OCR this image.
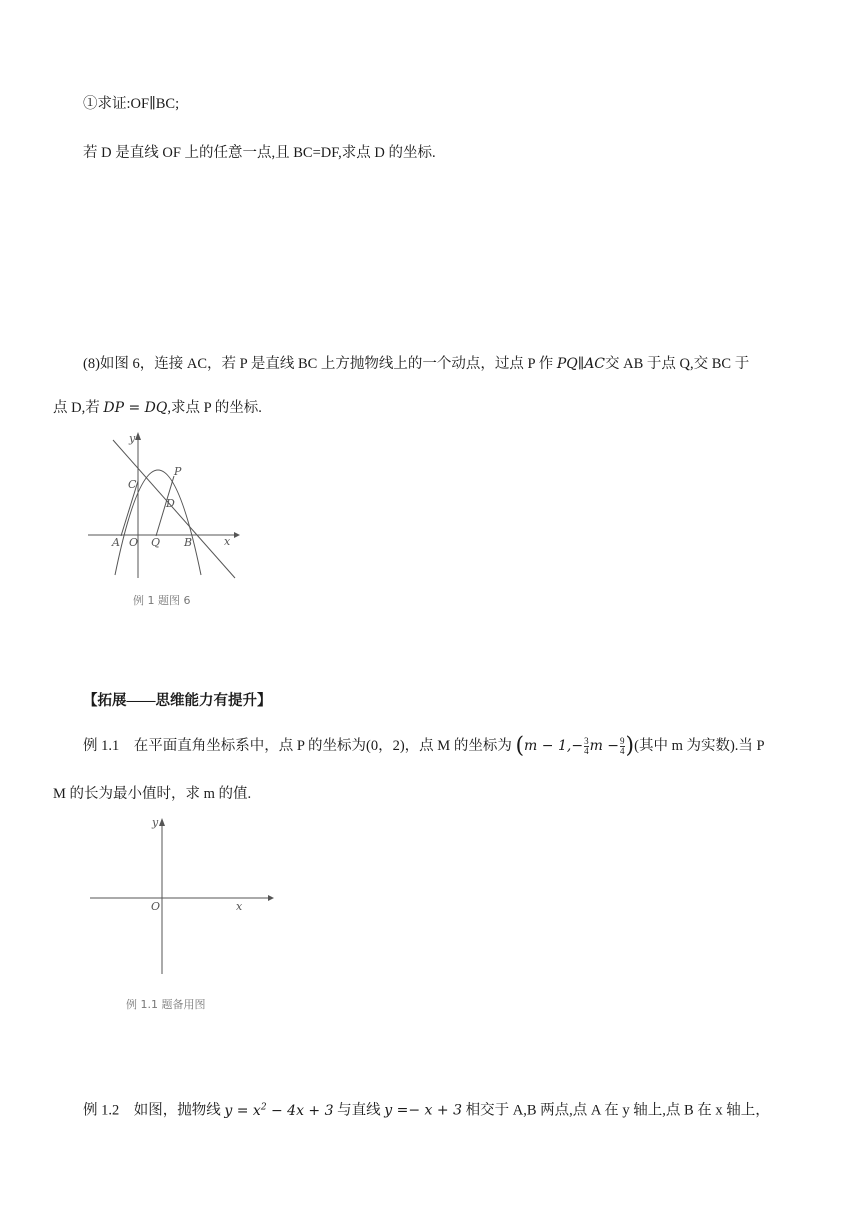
①求证:OF∥BC;
若 D 是直线 OF 上的任意一点,且 BC=DF,求点 D 的坐标.
(8)如图 6，连接 AC，若 P 是直线 BC 上方抛物线上的一个动点，过点 P 作 PQ∥AC交 AB 于点 Q,交 BC 于
点 D,若 DP = DQ,求点 P 的坐标.
y
x
C
P
D
A O Q B
例 1 题图 6
【拓展——思维能力有提升】
例 1.1 在平面直角坐标系中，点 P 的坐标为(0，2)，点 M 的坐标为 ($m - 1,- \frac{3}{4}$ $m - \frac{9}{4}$ )(其中 m 为实数).当 P
M 的长为最小值时，求 m 的值.
y
x
O
例 1.1 题备用图
例 1.2 如图，抛物线 $y = x^2 - 4x + 3$ 与直线 y =− x + 3 相交于 A,B 两点,点 A 在 y 轴上,点 B 在 x 轴上，
